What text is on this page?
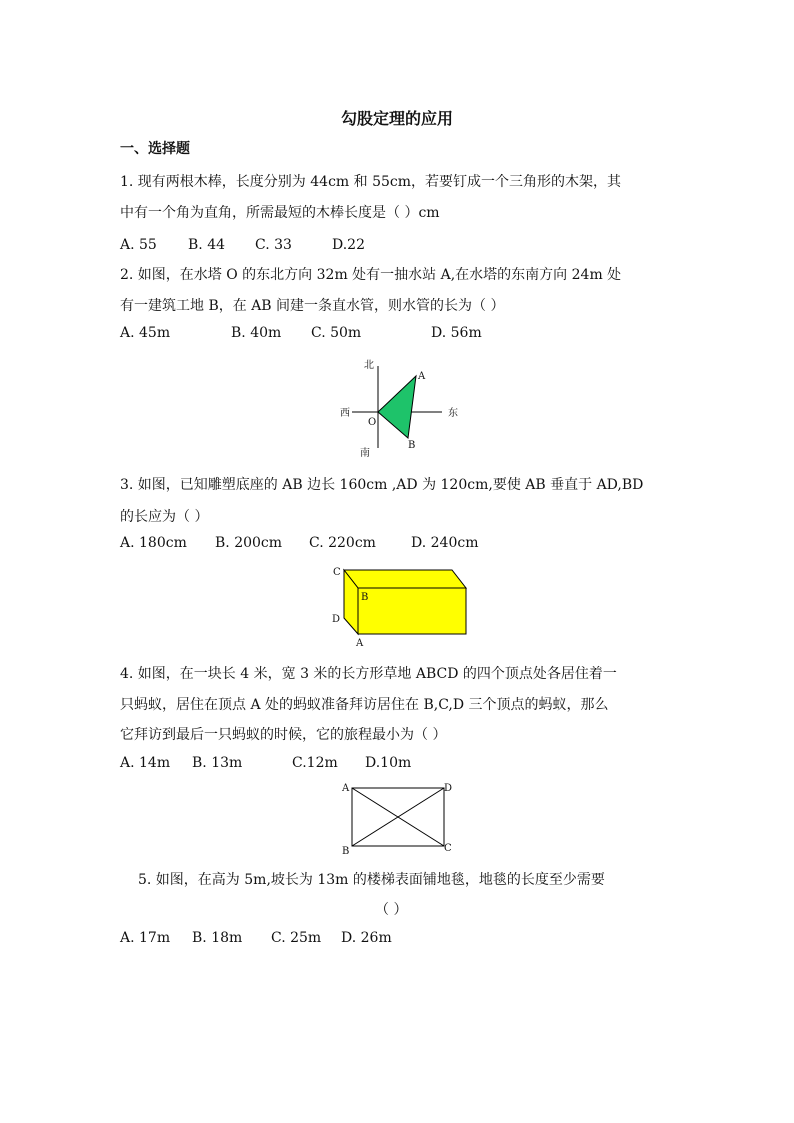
勾股定理的应用
一、选择题
1. 现有两根木棒，长度分别为 44cm 和 55cm，若要钉成一个三角形的木架，其
中有一个角为直角，所需最短的木棒长度是（ ）cm
A. 55 B. 44 C. 33	D.22
2. 如图，在水塔 O 的东北方向 32m 处有一抽水站 A,在水塔的东南方向 24m 处
有一建筑工地 B，在 AB 间建一条直水管，则水管的长为（ ）
A. 45m	B. 40m C. 50m	D. 56m
北
南
西	东
O
A
B
3. 如图，已知雕塑底座的 AB 边长 160cm ,AD 为 120cm,要使 AB 垂直于 AD,BD
的长应为（ ）
A. 180cm B. 200cm C. 220cm	D. 240cm
C
B
D
A
4. 如图，在一块长 4 米，宽 3 米的长方形草地 ABCD 的四个顶点处各居住着一
只蚂蚁，居住在顶点 A 处的蚂蚁准备拜访居住在 B,C,D 三个顶点的蚂蚁，那么
它拜访到最后一只蚂蚁的时候，它的旅程最小为（ ）
A. 14m B. 13m	C.12m D.10m
A	D
B	C
5. 如图，在高为 5m,坡长为 13m 的楼梯表面铺地毯，地毯的长度至少需要
（ ）
A. 17m B. 18m C. 25m D. 26m
